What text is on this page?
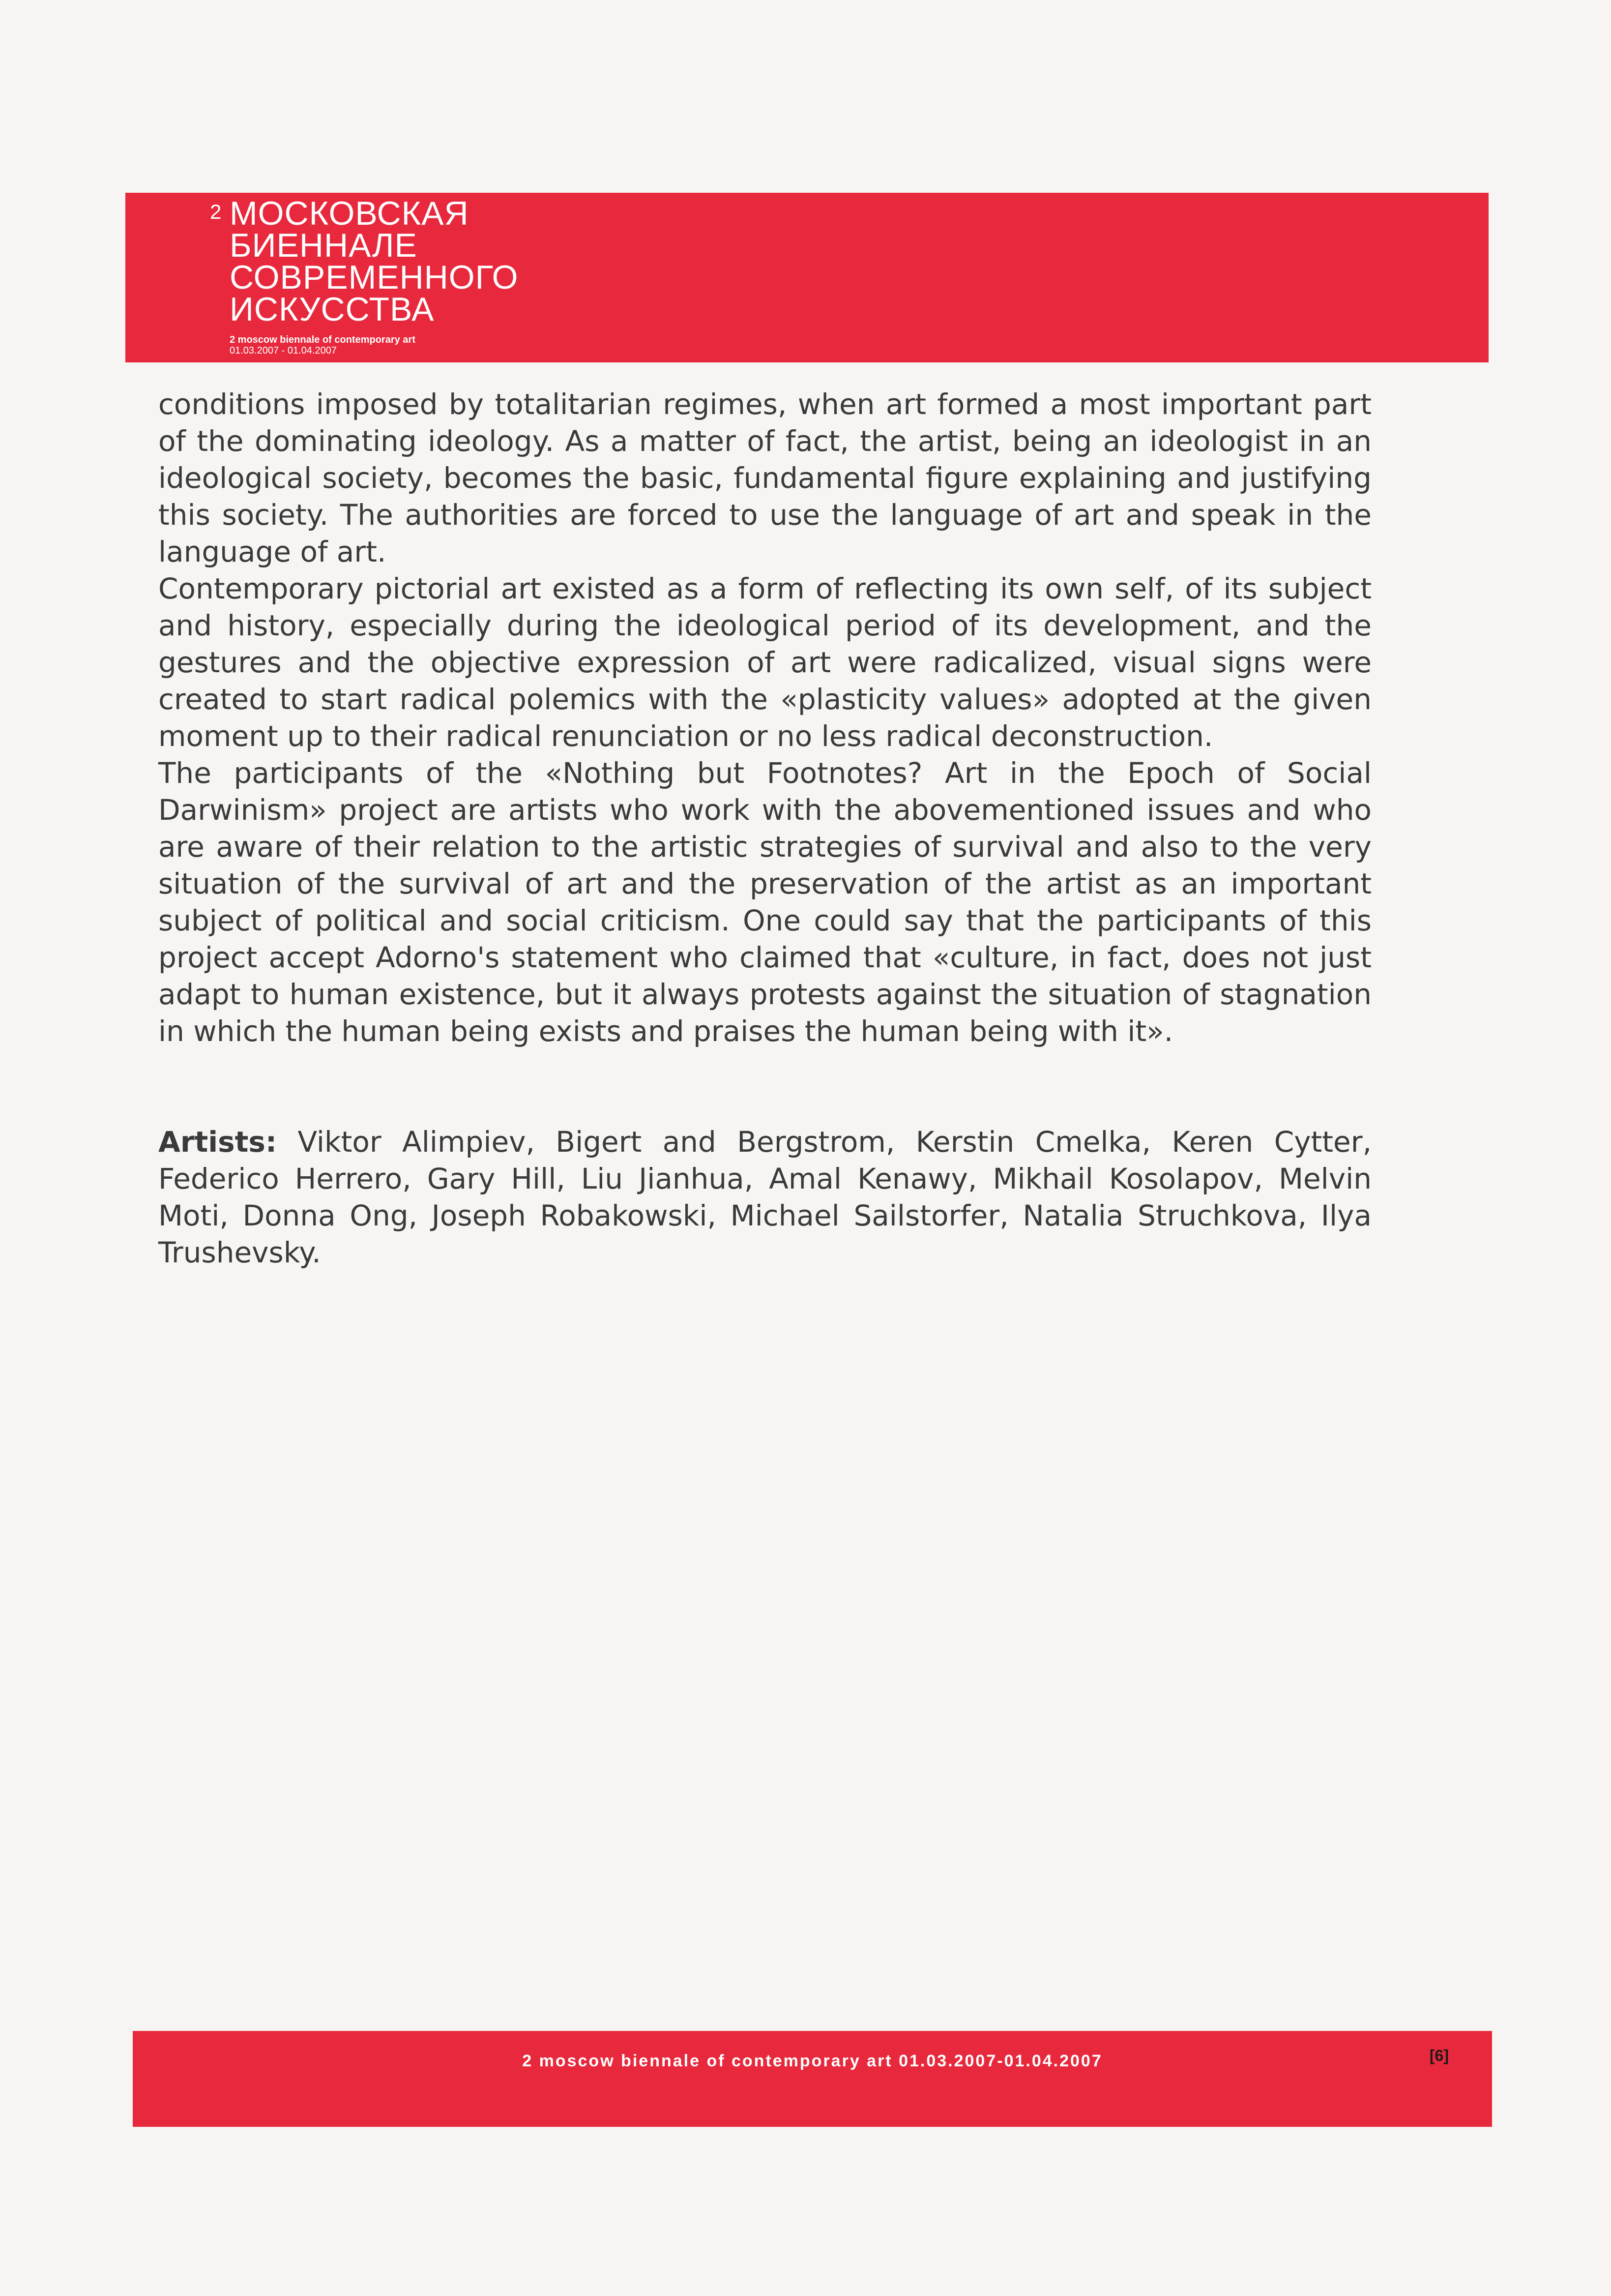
2 МОСКОВСКАЯ
БИЕННАЛЕ
СОВРЕМЕННОГО
ИСКУССТВА
2 moscow biennale of contemporary art
01.03.2007 - 01.04.2007

conditions imposed by totalitarian regimes, when art formed a most important part of the dominating ideology. As a matter of fact, the artist, being an ideologist in an ideological society, becomes the basic, fundamental figure explaining and justifying this society. The authorities are forced to use the language of art and speak in the language of art.

Contemporary pictorial art existed as a form of reflecting its own self, of its subject and history, especially during the ideological period of its development, and the gestures and the objective expression of art were radicalized, visual signs were created to start radical polemics with the «plasticity values» adopted at the given moment up to their radical renunciation or no less radical deconstruction.

The participants of the «Nothing but Footnotes? Art in the Epoch of Social Darwinism» project are artists who work with the abovementioned issues and who are aware of their relation to the artistic strategies of survival and also to the very situation of the survival of art and the preservation of the artist as an important subject of political and social criticism. One could say that the participants of this project accept Adorno's statement who claimed that «culture, in fact, does not just adapt to human existence, but it always protests against the situation of stagnation in which the human being exists and praises the human being with it».

Artists: Viktor Alimpiev, Bigert and Bergstrom, Kerstin Cmelka, Keren Cytter, Federico Herrero, Gary Hill, Liu Jianhua, Amal Kenawy, Mikhail Kosolapov, Melvin Moti, Donna Ong, Joseph Robakowski, Michael Sailstorfer, Natalia Struchkova, Ilya Trushevsky.

2 moscow biennale of contemporary art 01.03.2007-01.04.2007	[6]
